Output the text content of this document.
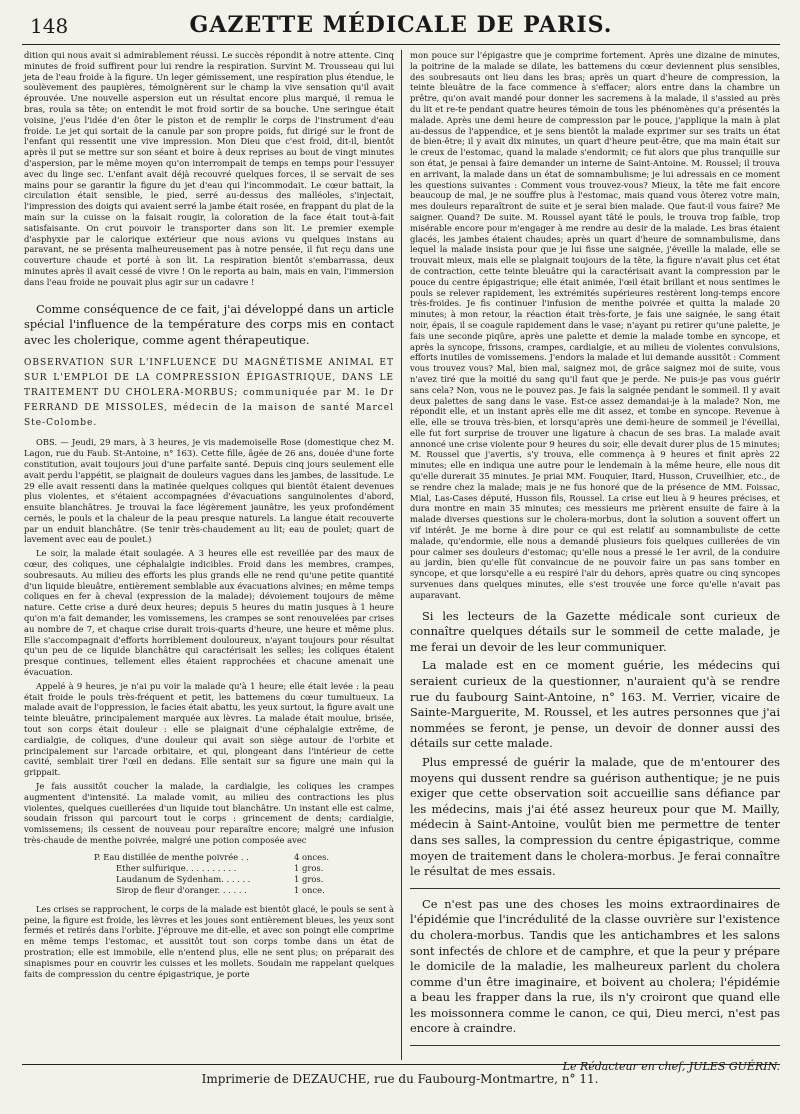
148	GAZETTE MÉDICALE DE PARIS.

dition qui nous avait si admirablement réussi. Le succès répondit à notre attente. Cinq minutes de froid suffirent pour lui rendre la respiration. Survint M. Trousseau qui lui jeta de l'eau froide à la figure. Un leger gémissement, une respiration plus étendue, le soulèvement des paupières, témoignèrent sur le champ la vive sensation qu'il avait éprouvée. Une nouvelle aspersion eut un résultat encore plus marqué, il remua le bras, roula sa tête; on entendit le mot froid sortir de sa bouche. Une seringue était voisine, j'eus l'idée d'en ôter le piston et de remplir le corps de l'instrument d'eau froide. Le jet qui sortait de la canule par son propre poids, fut dirigé sur le front de l'enfant qui ressentit une vive impression. Mon Dieu que c'est froid, dit-il, bientôt après il put se mettre sur son séant et boire à deux reprises au bout de vingt minutes d'aspersion, par le même moyen qu'on interrompait de temps en temps pour l'essuyer avec du linge sec. L'enfant avait déjà recouvré quelques forces, il se servait de ses mains pour se garantir la figure du jet d'eau qui l'incommodait. Le cœur battait, la circulation était sensible, le pied, serré au-dessus des malléoles, s'injectait, l'impression des doigts qui avaient serré la jambe était rosée, en frappant du plat de la main sur la cuisse on la faisait rougir, la coloration de la face était tout-à-fait satisfaisante. On crut pouvoir le transporter dans son lit. Le premier exemple d'asphyxie par le calorique extérieur que nous avions vu quelques instans au paravant, ne se présenta malheureusement pas à notre pensée, il fut reçu dans une couverture chaude et porté à son lit. La respiration bientôt s'embarrassa, deux minutes après il avait cessé de vivre ! On le reporta au bain, mais en vain, l'immersion dans l'eau froide ne pouvait plus agir sur un cadavre !

Comme conséquence de ce fait, j'ai développé dans un article spécial l'influence de la température des corps mis en contact avec les cholerique, comme agent thérapeutique.

OBSERVATION SUR L'INFLUENCE DU MAGNÉTISME ANIMAL ET SUR L'EMPLOI DE LA COMPRESSION ÉPIGASTRIQUE, DANS LE TRAITEMENT DU CHOLERA-MORBUS; communiquée par M. le Dr FERRAND DE MISSOLES, médecin de la maison de santé Marcel Ste-Colombe.

OBS. — Jeudi, 29 mars, à 3 heures, je vis mademoiselle Rose (domestique chez M. Lagon, rue du Faub. St-Antoine, n° 163). Cette fille, âgée de 26 ans, douée d'une forte constitution, avait toujours joui d'une parfaite santé. Depuis cinq jours seulement elle avait perdu l'appétit, se plaignait de douleurs vagues dans les jambes, de lassitude. Le 29 elle avait ressenti dans la matinée quelques coliques qui bientôt étaient devenues plus violentes, et s'étaient accompagnées d'évacuations sanguinolentes d'abord, ensuite blanchâtres. Je trouvai la face légèrement jaunâtre, les yeux profondément cernés, le pouls et la chaleur de la peau presque naturels. La langue était recouverte par un enduit blanchâtre. (Se tenir très-chaudement au lit; eau de poulet; quart de lavement avec eau de poulet.)

Le soir, la malade était soulagée. A 3 heures elle est reveillée par des maux de cœur, des coliques, une céphalalgie indicibles. Froid dans les membres, crampes, soubresauts. Au milieu des efforts les plus grands elle ne rend qu'une petite quantité d'un liquide bleuâtre, entièrement semblable aux évacuations alvines; en même temps coliques en fer à cheval (expression de la malade); dévoiement toujours de même nature. Cette crise a duré deux heures; depuis 5 heures du matin jusques à 1 heure qu'on m'a fait demander, les vomissemens, les crampes se sont renouvelées par crises au nombre de 7, et chaque crise durait trois-quarts d'heure, une heure et même plus. Elle s'accompagnait d'efforts horriblement douloureux, n'ayant toujours pour résultat qu'un peu de ce liquide blanchâtre qui caractérisait les selles; les coliques étaient presque continues, tellement elles étaient rapprochées et chacune amenait une évacuation.

Appelé à 9 heures, je n'ai pu voir la malade qu'à 1 heure; elle était levée : la peau était froide le pouls très-fréquent et petit, les battemens du cœur tumultueux. La malade avait de l'oppression, le facies était abattu, les yeux surtout, la figure avait une teinte bleuâtre, principalement marquée aux lèvres. La malade était moulue, brisée, tout son corps était douleur : elle se plaignait d'une céphalalgie extrême, de cardialgie, de coliques, d'une douleur qui avait son siège autour de l'orbite et principalement sur l'arcade orbitaire, et qui, plongeant dans l'intérieur de cette cavité, semblait tirer l'œil en dedans. Elle sentait sur sa figure une main qui la grippait.

Je fais aussitôt coucher la malade, la cardialgie, les coliques les crampes augmentent d'intensité. La malade vomit, au milieu des contractions les plus violentes, quelques cueillerées d'un liquide tout blanchâtre. Un instant elle est calme, soudain frisson qui parcourt tout le corps : grincement de dents; cardialgie, vomissemens; ils cessent de nouveau pour reparaître encore; malgré une infusion très-chaude de menthe poivrée, malgré une potion composée avec

P. Eau distillée de menthe poivrée . .	4 onces.
Ether sulfurique. . . . . . . . . .	1 gros.
Laudanum de Sydenham. . . . . .	1 gros.
Sirop de fleur d'oranger. . . . . .	1 once.

Les crises se rapprochent, le corps de la malade est bientôt glacé, le pouls se sent à peine, la figure est froide, les lèvres et les joues sont entièrement bleues, les yeux sont fermés et retirés dans l'orbite. J'éprouve me dit-elle, et avec son poingt elle comprime en même temps l'estomac, et aussitôt tout son corps tombe dans un état de prostration; elle est immobile, elle n'entend plus, elle ne sent plus; on préparait des sinapismes pour en couvrir les cuisses et les mollets. Soudain me rappelant quelques faits de compression du centre épigastrique, je porte

mon pouce sur l'épigastre que je comprime fortement. Après une dizaine de minutes, la poitrine de la malade se dilate, les battemens du cœur deviennent plus sensibles, des soubresauts ont lieu dans les bras; après un quart d'heure de compression, la teinte bleuâtre de la face commence à s'effacer; alors entre dans la chambre un prêtre, qu'on avait mandé pour donner les sacremens à la malade, il s'assied au près du lit et re-te pendant quatre heures témoin de tous les phénomènes qu'a présentés la malade. Après une demi heure de compression par le pouce, j'applique la main à plat au-dessus de l'appendice, et je sens bientôt la malade exprimer sur ses traits un état de bien-être; il y avait dix minutes, un quart d'heure peut-être, que ma main était sur le creux de l'estomac, quand la malade s'endormit; ce fut alors que plus tranquille sur son état, je pensai à faire demander un interne de Saint-Antoine. M. Roussel; il trouva en arrivant, la malade dans un état de somnambulisme; je lui adressais en ce moment les questions suivantes : Comment vous trouvez-vous? Mieux, la tête me fait encore beaucoup de mal, je ne souffre plus à l'estomac, mais quand vous ôterez votre main, mes douleurs reparaîtront de suite et je serai bien malade. Que faut-il vous faire? Me saigner. Quand? De suite. M. Roussel ayant tâté le pouls, le trouva trop faible, trop misérable encore pour m'engager à me rendre au desir de la malade. Les bras étaient glacés, les jambes étaient chaudes; après un quart d'heure de somnambulisme, dans lequel la malade insista pour que je lui fisse une saignée, j'éveille la malade, elle se trouvait mieux, mais elle se plaignait toujours de la tête, la figure n'avait plus cet état de contraction, cette teinte bleuâtre qui la caractérisait avant la compression par le pouce du centre épigastrique; elle était animée, l'œil était brillant et nous sentimes le pouls se relever rapidement, les extrémités supérieures restèrent long-temps encore très-froides. Je fis continuer l'infusion de menthe poivrée et quitta la malade 20 minutes; à mon retour, la réaction était très-forte, je fais une saignée, le sang était noir, épais, il se coagule rapidement dans le vase; n'ayant pu retirer qu'une palette, je fais une seconde piqûre, après une palette et demie la malade tombe en syncope, et après la syncope, frissons, crampes, cardialgie, et au milieu de violentes convulsions, efforts inutiles de vomissemens. J'endors la malade et lui demande aussitôt : Comment vous trouvez vous? Mal, bien mal, saignez moi, de grâce saignez moi de suite, vous n'avez tiré que la moitié du sang qu'il faut que je perde. Ne puis-je pas vous guérir sans cela? Non, vous ne le pouvez pas. Je fais la saignée pendant le sommeil. Il y avait deux palettes de sang dans le vase. Est-ce assez demandai-je à la malade? Non, me répondit elle, et un instant après elle me dit assez, et tombe en syncope. Revenue à elle, elle se trouva très-bien, et lorsqu'après une demi-heure de sommeil je l'éveillai, elle fut fort surprise de trouver une ligature à chacun de ses bras. La malade avait annoncé une crise violente pour 9 heures du soir, elle devait durer plus de 15 minutes; M. Roussel que j'avertis, s'y trouva, elle commença à 9 heures et finit après 22 minutes; elle en indiqua une autre pour le lendemain à la même heure, elle nous dit qu'elle durerait 35 minutes. Je priai MM. Fouquier, Itard, Husson, Cruveilhier, etc., de se rendre chez la malade; mais je ne fus honoré que de la présence de MM. Foissac, Mial, Las-Cases député, Husson fils, Roussel. La crise eut lieu à 9 heures précises, et dura montre en main 35 minutes; ces messieurs me prièrent ensuite de faire à la malade diverses questions sur le cholera-morbus, dont la solution a souvent offert un vif intérêt. Je me borne à dire pour ce qui est relatif au somnambuliste de cette malade, qu'endormie, elle nous a demandé plusieurs fois quelques cuillerées de vin pour calmer ses douleurs d'estomac; qu'elle nous a pressé le 1er avril, de la conduire au jardin, bien qu'elle fût convaincue de ne pouvoir faire un pas sans tomber en syncope, et que lorsqu'elle a eu respiré l'air du dehors, après quatre ou cinq syncopes survenues dans quelques minutes, elle s'est trouvée une force qu'elle n'avait pas auparavant.

Si les lecteurs de la Gazette médicale sont curieux de connaître quelques détails sur le sommeil de cette malade, je me ferai un devoir de les leur communiquer.

La malade est en ce moment guérie, les médecins qui seraient curieux de la questionner, n'auraient qu'à se rendre rue du faubourg Saint-Antoine, n° 163. M. Verrier, vicaire de Sainte-Marguerite, M. Roussel, et les autres personnes que j'ai nommées se feront, je pense, un devoir de donner aussi des détails sur cette malade.

Plus empressé de guérir la malade, que de m'entourer des moyens qui dussent rendre sa guérison authentique; je ne puis exiger que cette observation soit accueillie sans défiance par les médecins, mais j'ai été assez heureux pour que M. Mailly, médecin à Saint-Antoine, voulût bien me permettre de tenter dans ses salles, la compression du centre épigastrique, comme moyen de traitement dans le cholera-morbus. Je ferai connaître le résultat de mes essais.

Ce n'est pas une des choses les moins extraordinaires de l'épidémie que l'incrédulité de la classe ouvrière sur l'existence du cholera-morbus. Tandis que les antichambres et les salons sont infectés de chlore et de camphre, et que la peur y prépare le domicile de la maladie, les malheureux parlent du cholera comme d'un être imaginaire, et boivent au cholera; l'épidémie a beau les frapper dans la rue, ils n'y croiront que quand elle les moissonnera comme le canon, ce qui, Dieu merci, n'est pas encore à craindre.

Le Rédacteur en chef, JULES GUÉRIN.
Imprimerie de DEZAUCHE, rue du Faubourg-Montmartre, n° 11.
